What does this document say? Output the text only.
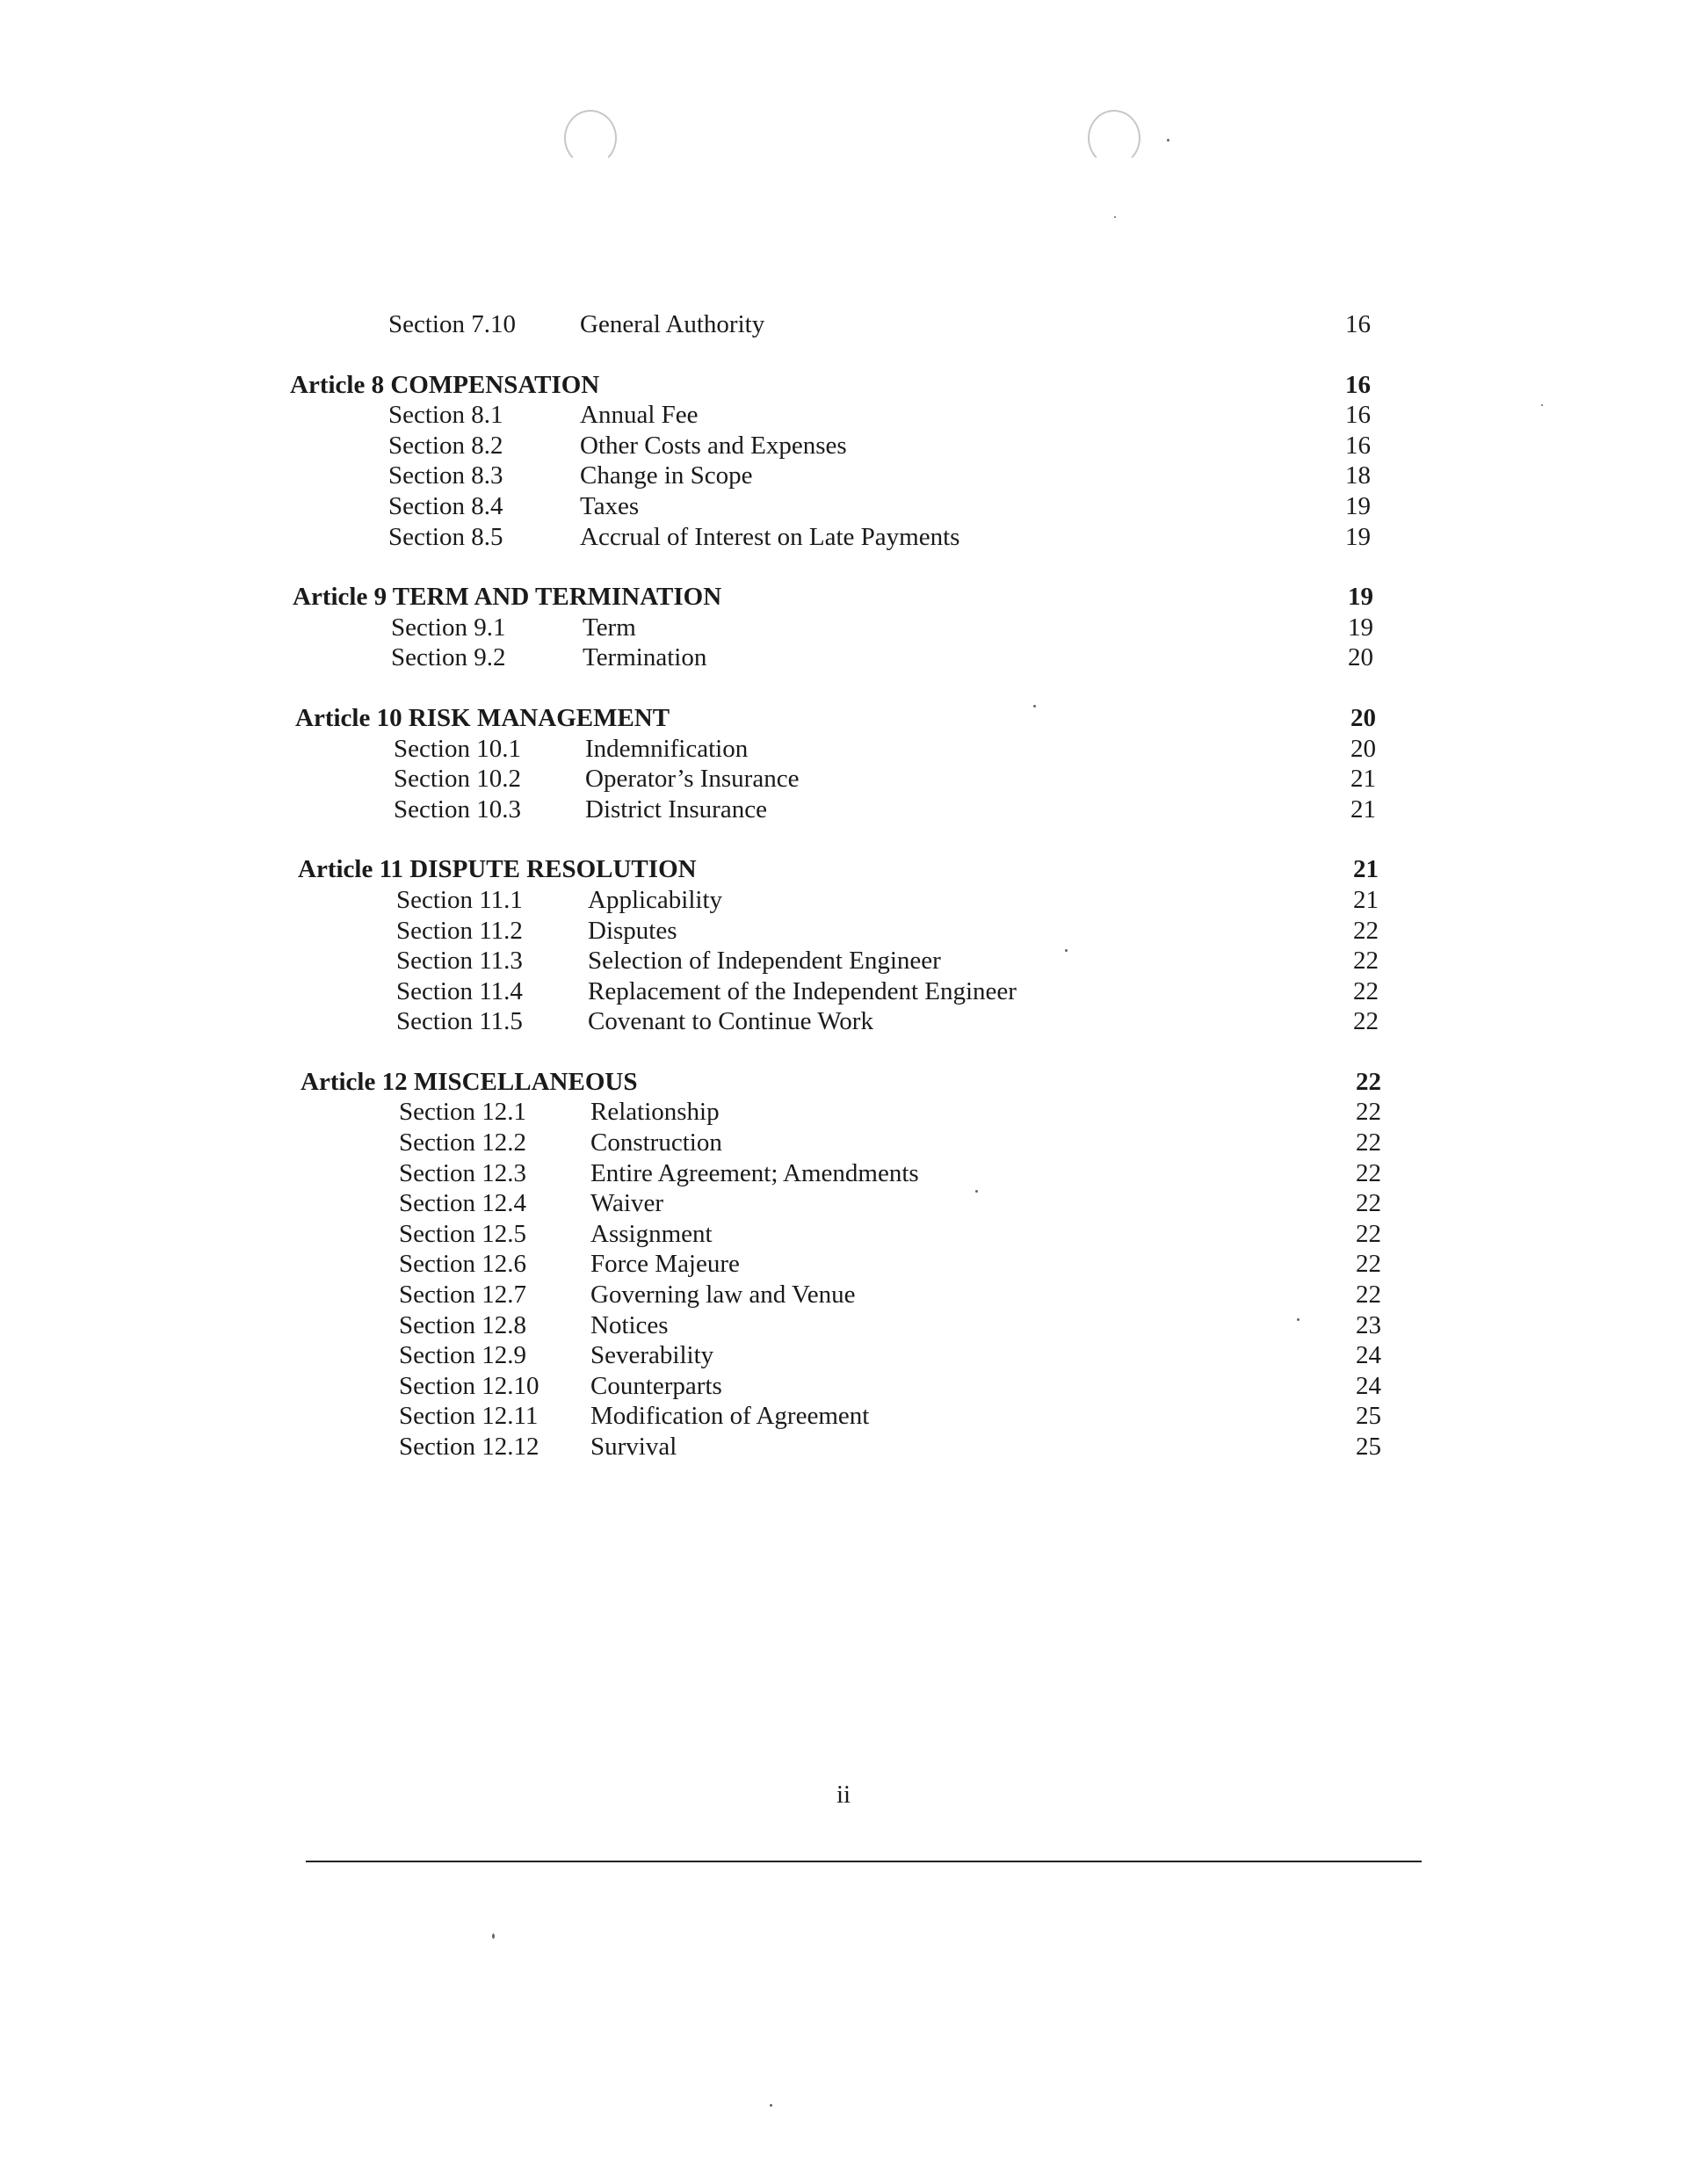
Section 7.10	General Authority	16
Article 8 COMPENSATION	16
Section 8.1	Annual Fee	16
Section 8.2	Other Costs and Expenses	16
Section 8.3	Change in Scope	18
Section 8.4	Taxes	19
Section 8.5	Accrual of Interest on Late Payments	19
Article 9 TERM AND TERMINATION	19
Section 9.1	Term	19
Section 9.2	Termination	20
Article 10 RISK MANAGEMENT	20
Section 10.1	Indemnification	20
Section 10.2	Operator’s Insurance	21
Section 10.3	District Insurance	21
Article 11 DISPUTE RESOLUTION	21
Section 11.1	Applicability	21
Section 11.2	Disputes	22
Section 11.3	Selection of Independent Engineer	22
Section 11.4	Replacement of the Independent Engineer	22
Section 11.5	Covenant to Continue Work	22
Article 12 MISCELLANEOUS	22
Section 12.1	Relationship	22
Section 12.2	Construction	22
Section 12.3	Entire Agreement; Amendments	22
Section 12.4	Waiver	22
Section 12.5	Assignment	22
Section 12.6	Force Majeure	22
Section 12.7	Governing law and Venue	22
Section 12.8	Notices	23
Section 12.9	Severability	24
Section 12.10 Counterparts	24
Section 12.11 Modification of Agreement	25
Section 12.12 Survival	25
ii
